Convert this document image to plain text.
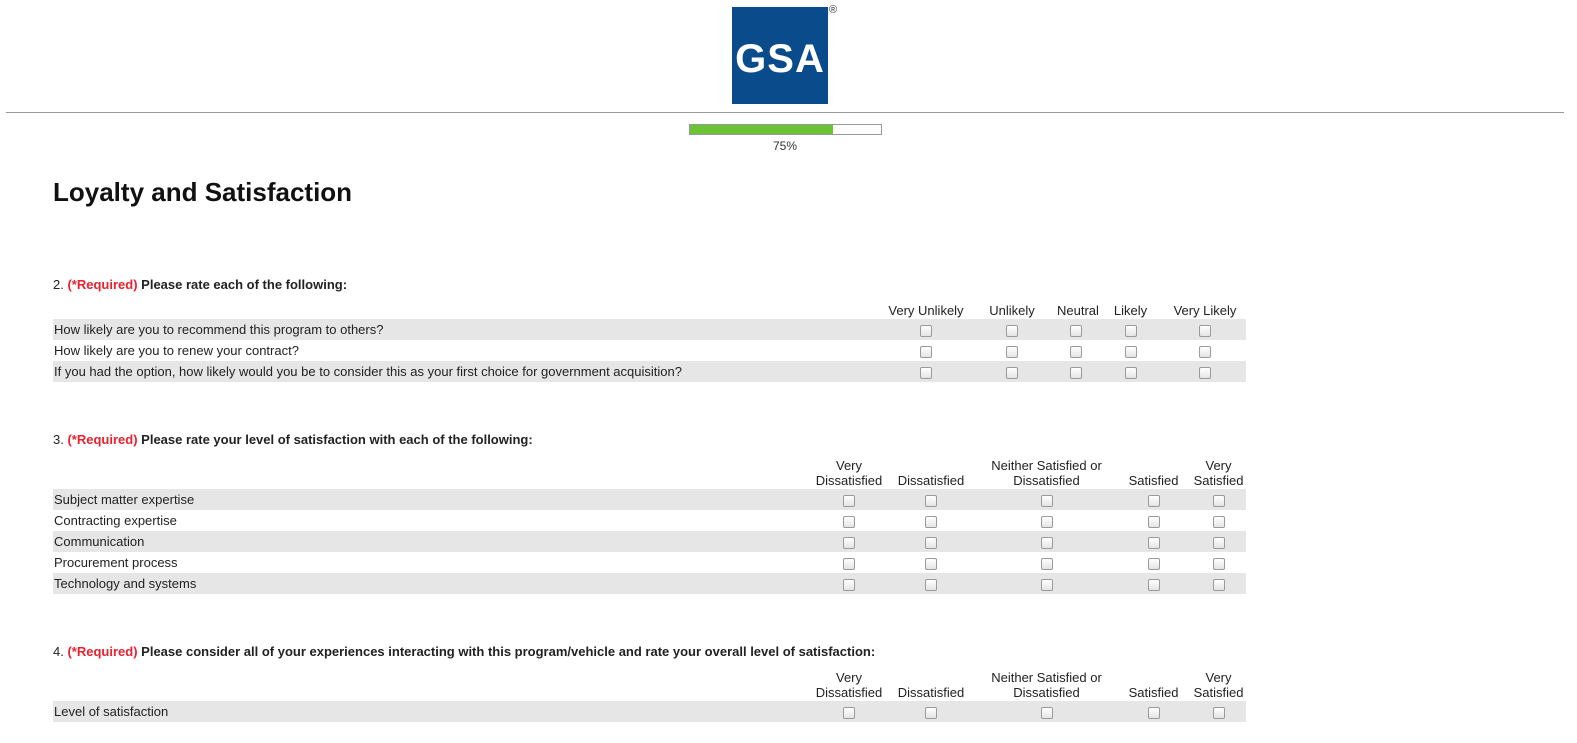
GSA
®
75%
Loyalty and Satisfaction
2. (*Required) Please rate each of the following:
	Very Unlikely	Unlikely	Neutral	Likely	Very Likely
How likely are you to recommend this program to others?					
How likely are you to renew your contract?					
If you had the option, how likely would you be to consider this as your first choice for government acquisition?					
3. (*Required) Please rate your level of satisfaction with each of the following:
	Very Dissatisfied	Dissatisfied	Neither Satisfied or Dissatisfied	Satisfied	Very Satisfied
Subject matter expertise					
Contracting expertise					
Communication					
Procurement process					
Technology and systems					
4. (*Required) Please consider all of your experiences interacting with this program/vehicle and rate your overall level of satisfaction:
	Very Dissatisfied	Dissatisfied	Neither Satisfied or Dissatisfied	Satisfied	Very Satisfied
Level of satisfaction					
